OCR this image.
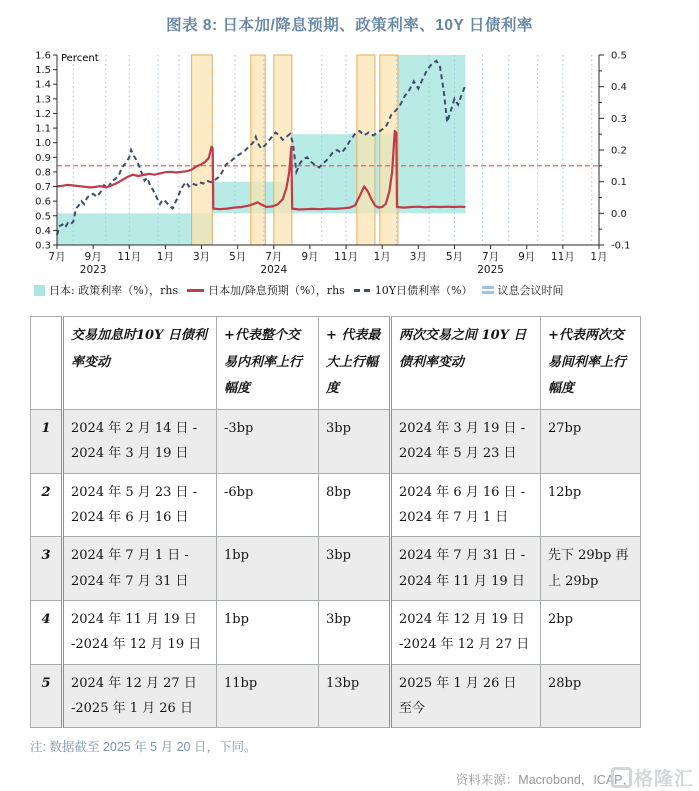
图表 8: 日本加/降息预期、政策利率、10Y 日债利率
0.3
0.4
0.5
0.6
0.7
0.8
0.9
1.0
1.1
1.2
1.3
1.4
1.5
1.6
-0.1
0.0
0.1
0.2
0.3
0.4
0.5
7月 9月 11月 1月 3月 5月 7月 9月 11月 1月 3月 5月 7月 9月 11月 1月
2023	2024	2025
Percent
日本: 政策利率（%），rhs	日本加/降息预期（%），rhs	10Y日债利率（%） 议息会议时间
	交易加息时10Y 日债利率变动	+代表整个交易内利率上行幅度	+ 代表最大上行幅度	两次交易之间 10Y 日债利率变动	+代表两次交易间利率上行幅度
1	2024 年 2 月 14 日 - 2024 年 3 月 19 日	-3bp	3bp	2024 年 3 月 19 日 - 2024 年 5 月 23 日	27bp
2	2024 年 5 月 23 日 - 2024 年 6 月 16 日	-6bp	8bp	2024 年 6 月 16 日 - 2024 年 7 月 1 日	12bp
3	2024 年 7 月 1 日 - 2024 年 7 月 31 日	1bp	3bp	2024 年 7 月 31 日 - 2024 年 11 月 19 日	先下 29bp 再上 29bp
4	2024 年 11 月 19 日 -2024 年 12 月 19 日	1bp	3bp	2024 年 12 月 19 日 -2024 年 12 月 27 日	2bp
5	2024 年 12 月 27 日 -2025 年 1 月 26 日	11bp	13bp	2025 年 1 月 26 日 至今	28bp
注: 数据截至 2025 年 5 月 20 日，下同。
资料来源：Macrobond，ICAP，
格隆汇
